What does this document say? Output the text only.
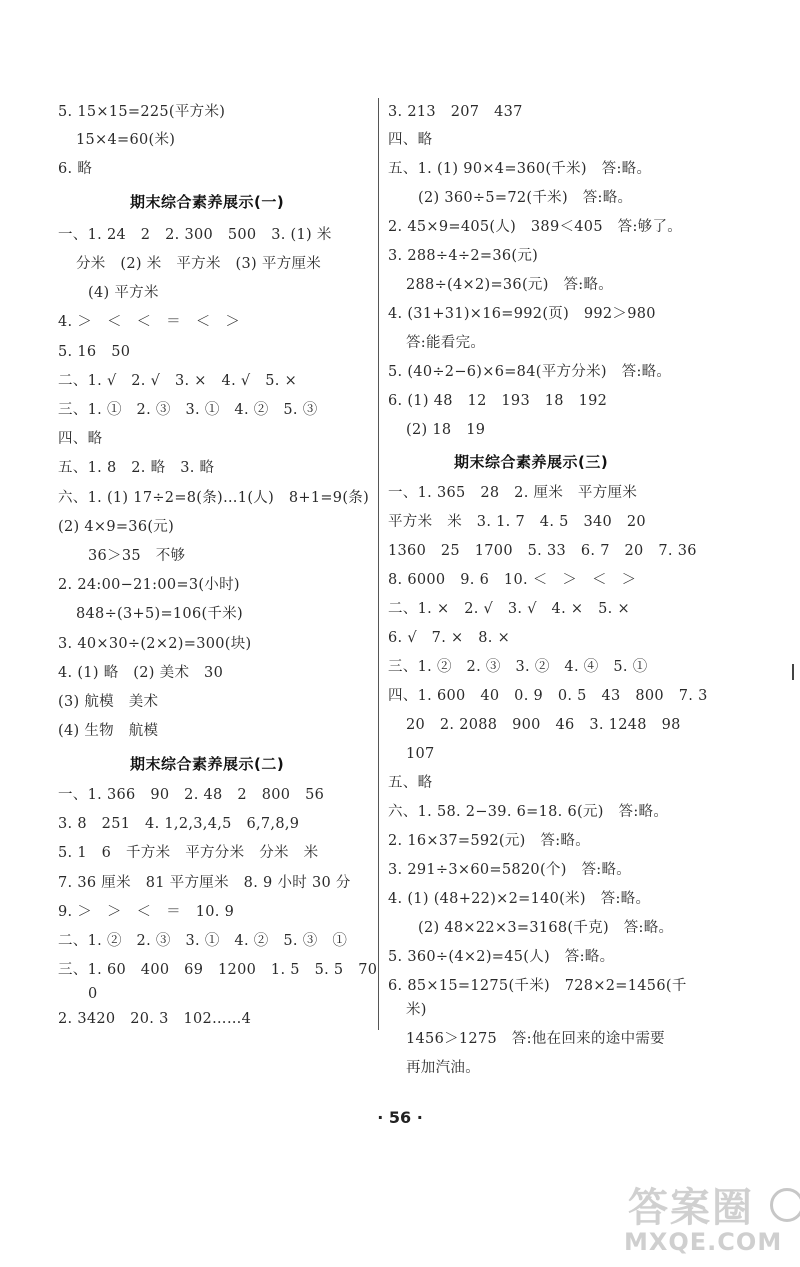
5. 15×15=225(平方米)
15×4=60(米)
6. 略
期末综合素养展示(一)
一、1. 24　2　2. 300　500　3. (1) 米
分米　(2) 米　平方米　(3) 平方厘米
(4) 平方米
4. ＞　＜　＜　＝　＜　＞
5. 16　50
二、1. √　2. √　3. ×　4. √　5. ×
三、1. ①　2. ③　3. ①　4. ②　5. ③
四、略
五、1. 8　2. 略　3. 略
六、1. (1) 17÷2=8(条)…1(人)　8+1=9(条)
(2) 4×9=36(元)
36＞35　不够
2. 24:00−21:00=3(小时)
848÷(3+5)=106(千米)
3. 40×30÷(2×2)=300(块)
4. (1) 略　(2) 美术　30
(3) 航模　美术
(4) 生物　航模
期末综合素养展示(二)
一、1. 366　90　2. 48　2　800　56
3. 8　251　4. 1,2,3,4,5　6,7,8,9
5. 1　6　千方米　平方分米　分米　米
7. 36 厘米　81 平方厘米　8. 9 小时 30 分
9. ＞　＞　＜　＝　10. 9
二、1. ②　2. ③　3. ①　4. ②　5. ③　①
三、1. 60　400　69　1200　1. 5　5. 5　70
0
2. 3420　20. 3　102……4
3. 213　207　437
四、略
五、1. (1) 90×4=360(千米)　答:略。
(2) 360÷5=72(千米)　答:略。
2. 45×9=405(人)　389＜405　答:够了。
3. 288÷4÷2=36(元)
288÷(4×2)=36(元)　答:略。
4. (31+31)×16=992(页)　992＞980
答:能看完。
5. (40÷2−6)×6=84(平方分米)　答:略。
6. (1) 48　12　193　18　192
(2) 18　19
期末综合素养展示(三)
一、1. 365　28　2. 厘米　平方厘米
平方米　米　3. 1. 7　4. 5　340　20
1360　25　1700　5. 33　6. 7　20　7. 36
8. 6000　9. 6　10. ＜　＞　＜　＞
二、1. ×　2. √　3. √　4. ×　5. ×
6. √　7. ×　8. ×
三、1. ②　2. ③　3. ②　4. ④　5. ①
四、1. 600　40　0. 9　0. 5　43　800　7. 3
20　2. 2088　900　46　3. 1248　98
107
五、略
六、1. 58. 2−39. 6=18. 6(元)　答:略。
2. 16×37=592(元)　答:略。
3. 291÷3×60=5820(个)　答:略。
4. (1) (48+22)×2=140(米)　答:略。
(2) 48×22×3=3168(千克)　答:略。
5. 360÷(4×2)=45(人)　答:略。
6. 85×15=1275(千米)　728×2=1456(千
米)
1456＞1275　答:他在回来的途中需要
再加汽油。
· 56 ·
答案圈
MXQE.COM
